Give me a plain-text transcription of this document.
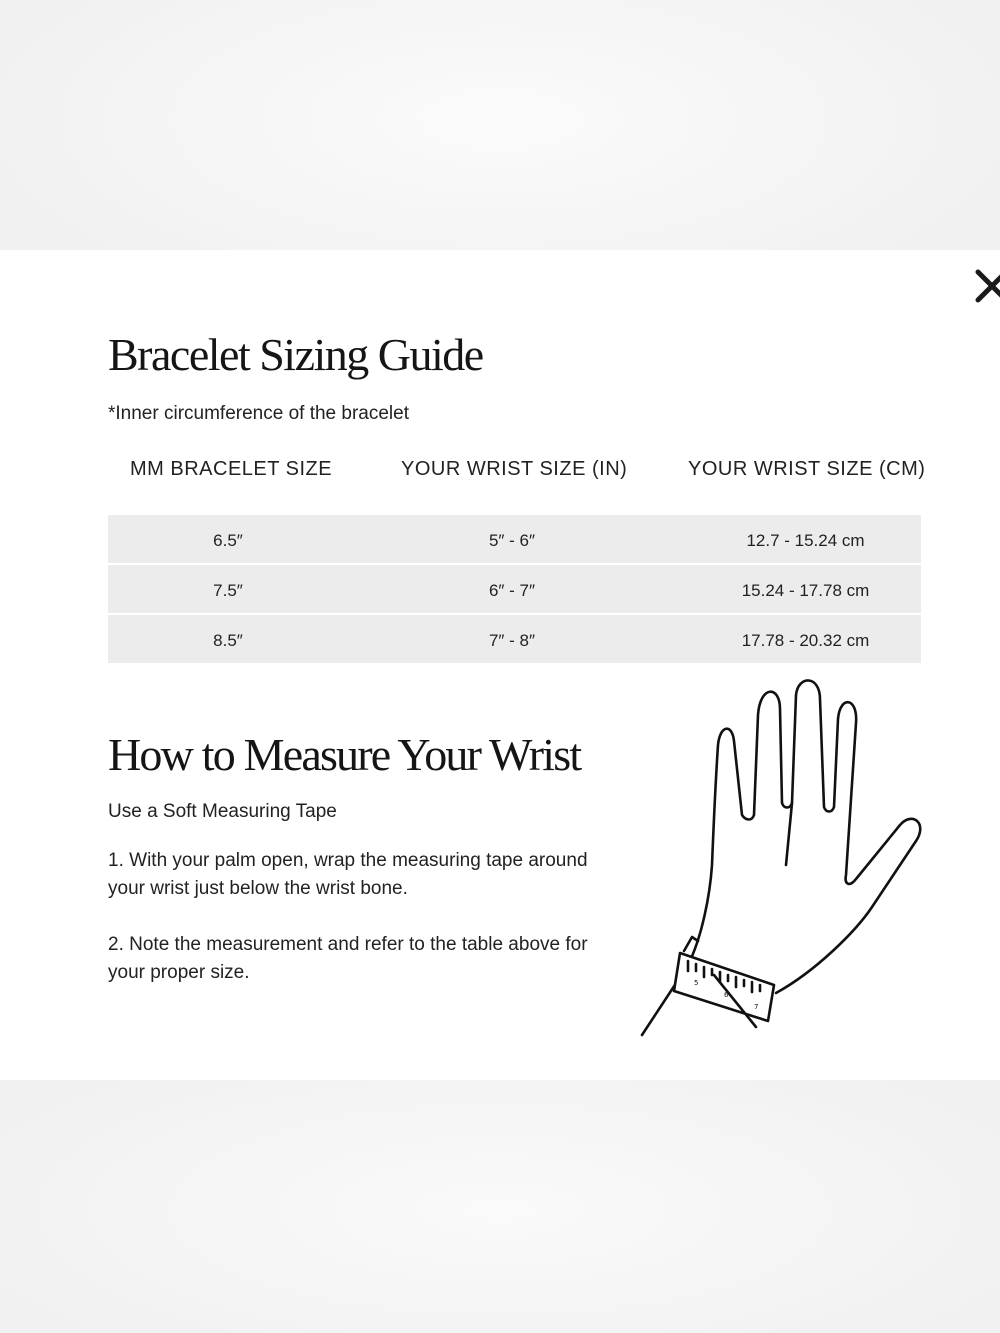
Bracelet Sizing Guide
*Inner circumference of the bracelet
MM BRACELET SIZE	YOUR WRIST SIZE (IN)	YOUR WRIST SIZE (CM)
6.5″	5″ - 6″	12.7 - 15.24 cm
7.5″	6″ - 7″	15.24 - 17.78 cm
8.5″	7″ - 8″	17.78 - 20.32 cm
How to Measure Your Wrist
Use a Soft Measuring Tape
1. With your palm open, wrap the measuring tape around your wrist just below the wrist bone.
2. Note the measurement and refer to the table above for your proper size.	5
6
7
